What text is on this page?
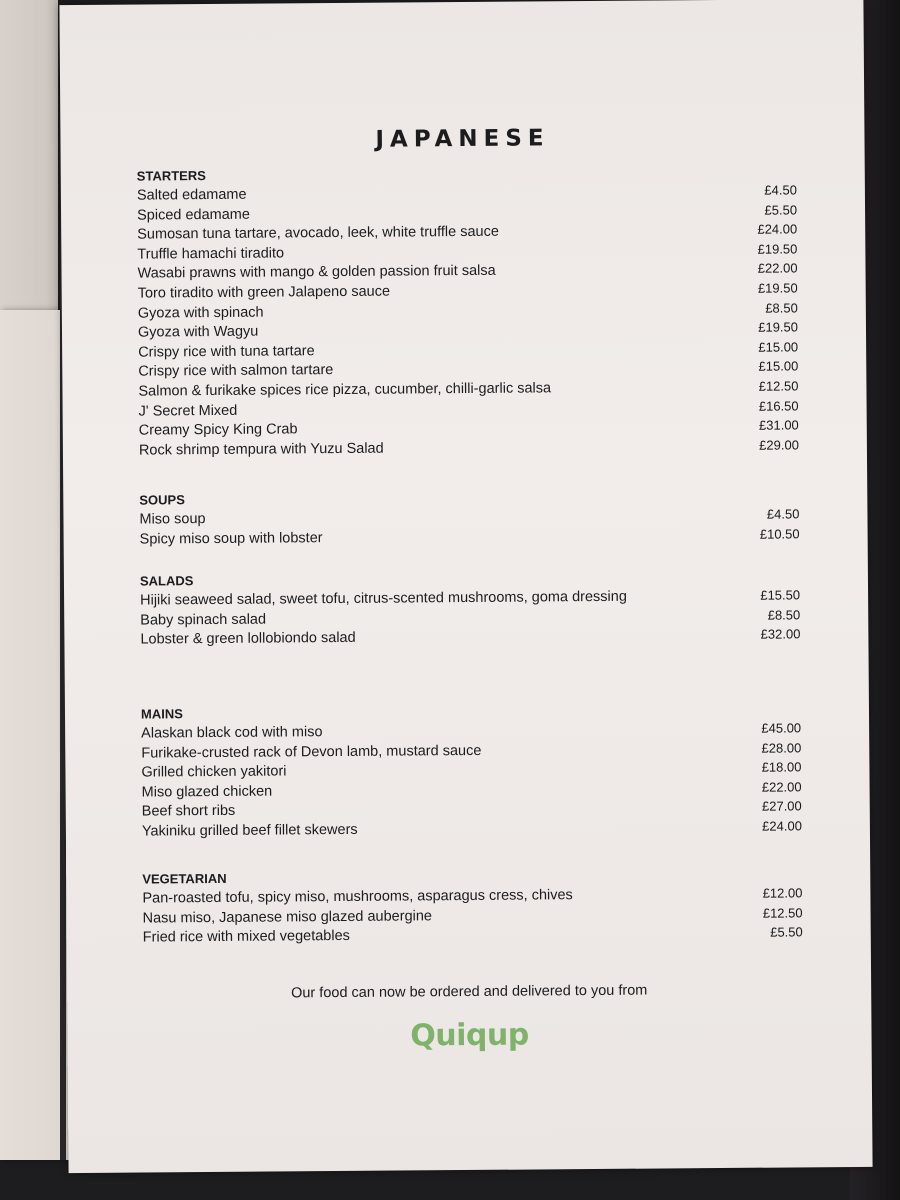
JAPANESE
STARTERS
Salted edamame	£4.50
Spiced edamame	£5.50
Sumosan tuna tartare, avocado, leek, white truffle sauce	£24.00
Truffle hamachi tiradito	£19.50
Wasabi prawns with mango & golden passion fruit salsa	£22.00
Toro tiradito with green Jalapeno sauce	£19.50
Gyoza with spinach	£8.50
Gyoza with Wagyu	£19.50
Crispy rice with tuna tartare	£15.00
Crispy rice with salmon tartare	£15.00
Salmon & furikake spices rice pizza, cucumber, chilli-garlic salsa	£12.50
J' Secret Mixed	£16.50
Creamy Spicy King Crab	£31.00
Rock shrimp tempura with Yuzu Salad	£29.00
SOUPS
Miso soup	£4.50
Spicy miso soup with lobster	£10.50
SALADS
Hijiki seaweed salad, sweet tofu, citrus-scented mushrooms, goma dressing	£15.50
Baby spinach salad	£8.50
Lobster & green lollobiondo salad	£32.00
MAINS
Alaskan black cod with miso	£45.00
Furikake-crusted rack of Devon lamb, mustard sauce	£28.00
Grilled chicken yakitori	£18.00
Miso glazed chicken	£22.00
Beef short ribs	£27.00
Yakiniku grilled beef fillet skewers	£24.00
VEGETARIAN
Pan-roasted tofu, spicy miso, mushrooms, asparagus cress, chives	£12.00
Nasu miso, Japanese miso glazed aubergine	£12.50
Fried rice with mixed vegetables	£5.50
Our food can now be ordered and delivered to you from
Quiqup
